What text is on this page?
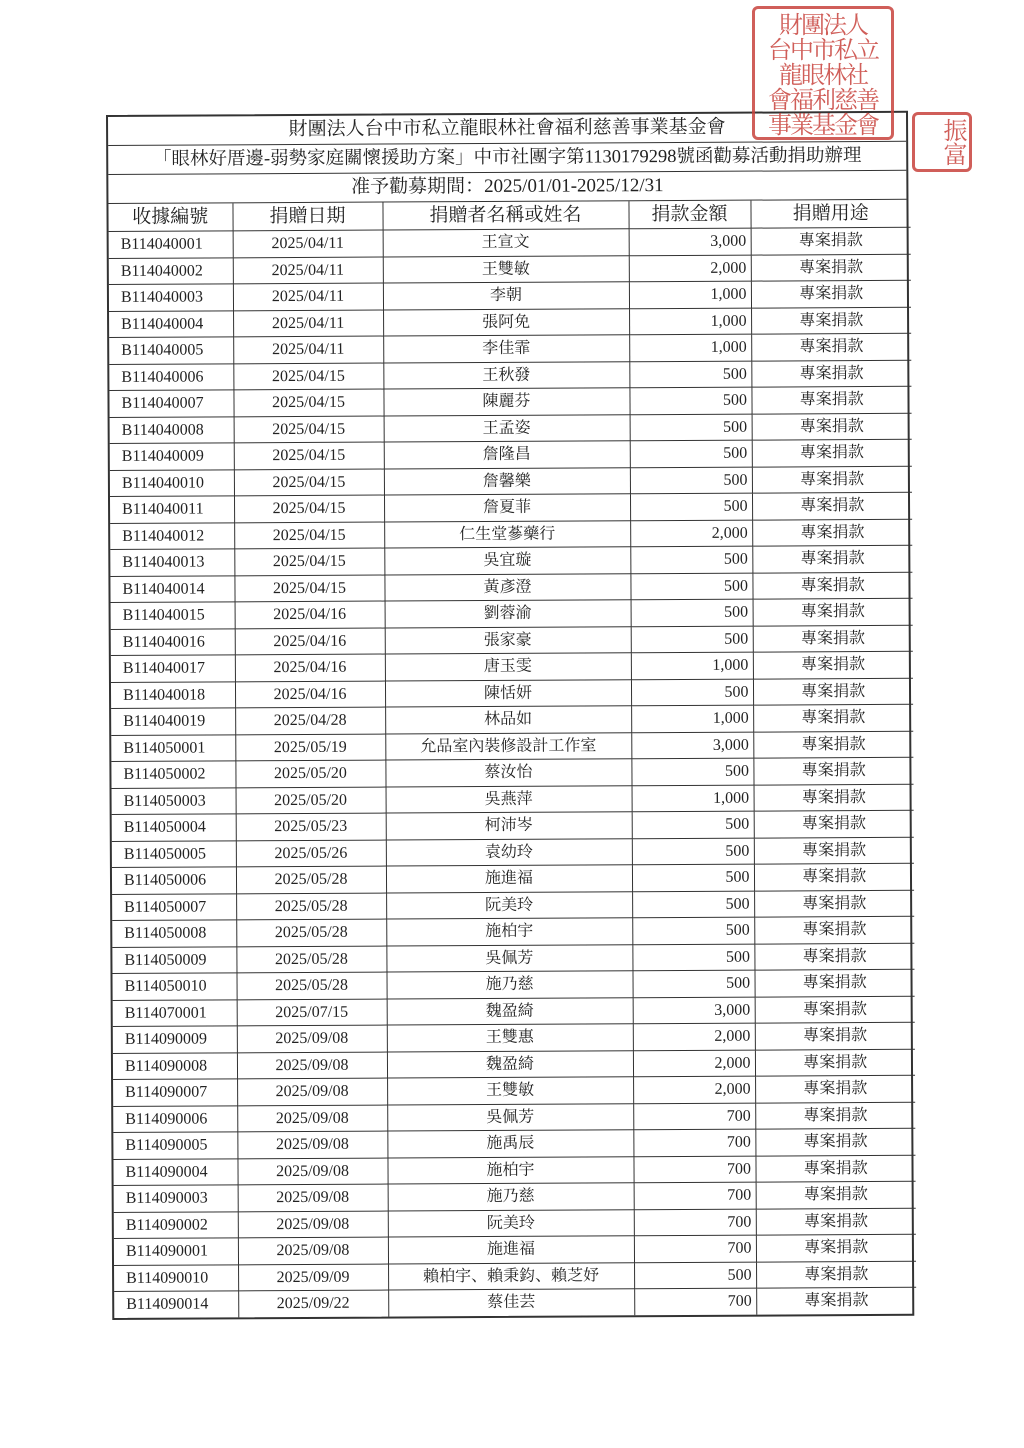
財團法人台中市私立龍眼林社會福利慈善事業基金會
「眼林好厝邊-弱勢家庭關懷援助方案」中市社團字第1130179298號函勸募活動捐助辦理
准予勸募期間：2025/01/01-2025/12/31
收據編號	捐贈日期	捐贈者名稱或姓名	捐款金額	捐贈用途
B114040001	2025/04/11	王宣文	3,000	專案捐款
B114040002	2025/04/11	王雙敏	2,000	專案捐款
B114040003	2025/04/11	李朝	1,000	專案捐款
B114040004	2025/04/11	張阿免	1,000	專案捐款
B114040005	2025/04/11	李佳霏	1,000	專案捐款
B114040006	2025/04/15	王秋發	500	專案捐款
B114040007	2025/04/15	陳麗芬	500	專案捐款
B114040008	2025/04/15	王孟姿	500	專案捐款
B114040009	2025/04/15	詹隆昌	500	專案捐款
B114040010	2025/04/15	詹馨樂	500	專案捐款
B114040011	2025/04/15	詹夏菲	500	專案捐款
B114040012	2025/04/15	仁生堂蔘藥行	2,000	專案捐款
B114040013	2025/04/15	吳宜璇	500	專案捐款
B114040014	2025/04/15	黃彥澄	500	專案捐款
B114040015	2025/04/16	劉蓉渝	500	專案捐款
B114040016	2025/04/16	張家豪	500	專案捐款
B114040017	2025/04/16	唐玉雯	1,000	專案捐款
B114040018	2025/04/16	陳恬妍	500	專案捐款
B114040019	2025/04/28	林品如	1,000	專案捐款
B114050001	2025/05/19	允品室內裝修設計工作室	3,000	專案捐款
B114050002	2025/05/20	蔡汝怡	500	專案捐款
B114050003	2025/05/20	吳燕萍	1,000	專案捐款
B114050004	2025/05/23	柯沛岑	500	專案捐款
B114050005	2025/05/26	袁幼玲	500	專案捐款
B114050006	2025/05/28	施進福	500	專案捐款
B114050007	2025/05/28	阮美玲	500	專案捐款
B114050008	2025/05/28	施柏宇	500	專案捐款
B114050009	2025/05/28	吳佩芳	500	專案捐款
B114050010	2025/05/28	施乃慈	500	專案捐款
B114070001	2025/07/15	魏盈綺	3,000	專案捐款
B114090009	2025/09/08	王雙惠	2,000	專案捐款
B114090008	2025/09/08	魏盈綺	2,000	專案捐款
B114090007	2025/09/08	王雙敏	2,000	專案捐款
B114090006	2025/09/08	吳佩芳	700	專案捐款
B114090005	2025/09/08	施禹辰	700	專案捐款
B114090004	2025/09/08	施柏宇	700	專案捐款
B114090003	2025/09/08	施乃慈	700	專案捐款
B114090002	2025/09/08	阮美玲	700	專案捐款
B114090001	2025/09/08	施進福	700	專案捐款
B114090010	2025/09/09	賴柏宇、賴秉鈞、賴芝妤	500	專案捐款
B114090014	2025/09/22	蔡佳芸	700	專案捐款
財團法人
台中市私立
龍眼林社
會福利慈善
事業基金會	振富
